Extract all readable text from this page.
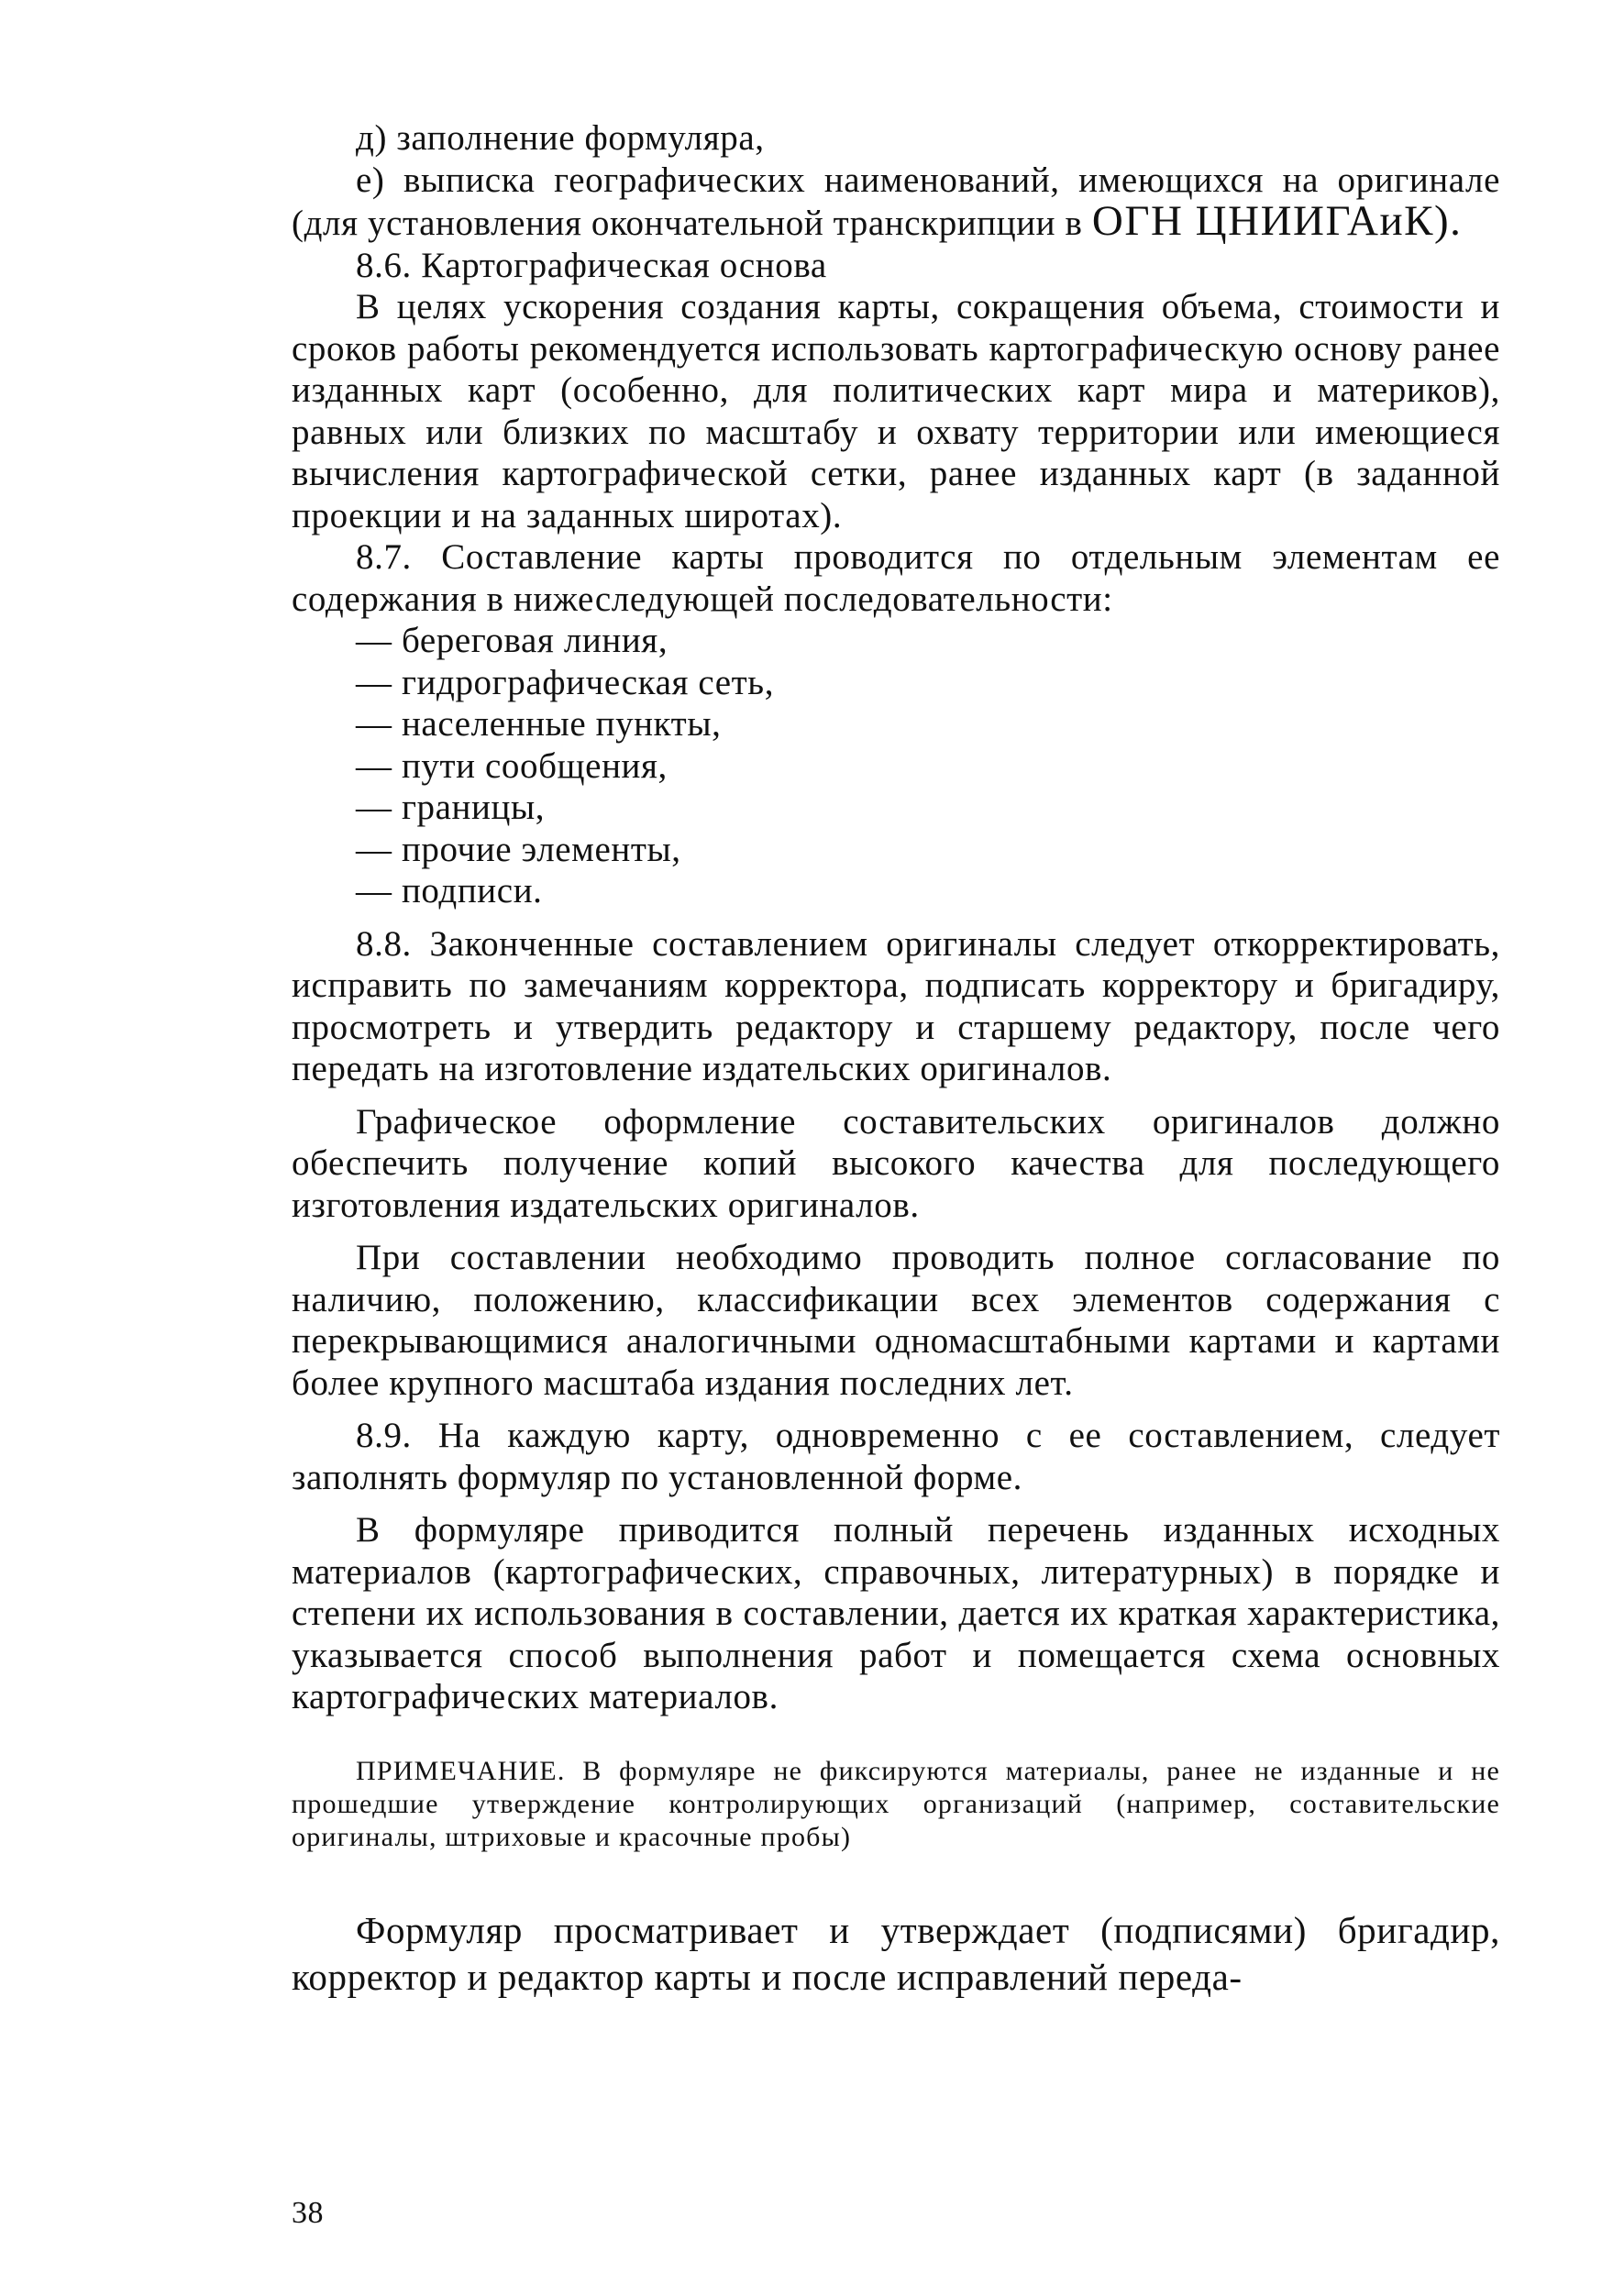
д) заполнение формуляра,

е) выписка географических наименований, имеющихся на оригинале (для установления окончательной транскрипции в ОГН ЦНИИГАиК).

8.6. Картографическая основа

В целях ускорения создания карты, сокращения объема, стоимости и сроков работы рекомендуется использовать картографическую основу ранее изданных карт (особенно, для политических карт мира и материков), равных или близких по масштабу и охвату территории или имеющиеся вычисления картографической сетки, ранее изданных карт (в заданной проекции и на заданных широтах).

8.7. Составление карты проводится по отдельным элементам ее содержания в нижеследующей последовательности:

— береговая линия,
— гидрографическая сеть,
— населенные пункты,
— пути сообщения,
— границы,
— прочие элементы,
— подписи.

8.8. Законченные составлением оригиналы следует откорректировать, исправить по замечаниям корректора, подписать корректору и бригадиру, просмотреть и утвердить редактору и старшему редактору, после чего передать на изготовление издательских оригиналов.

Графическое оформление составительских оригиналов должно обеспечить получение копий высокого качества для последующего изготовления издательских оригиналов.

При составлении необходимо проводить полное согласование по наличию, положению, классификации всех элементов содержания с перекрывающимися аналогичными одномасштабными картами и картами более крупного масштаба издания последних лет.

8.9. На каждую карту, одновременно с ее составлением, следует заполнять формуляр по установленной форме.

В формуляре приводится полный перечень изданных исходных материалов (картографических, справочных, литературных) в порядке и степени их использования в составлении, дается их краткая характеристика, указывается способ выполнения работ и помещается схема основных картографических материалов.

ПРИМЕЧАНИЕ. В формуляре не фиксируются материалы, ранее не изданные и не прошедшие утверждение контролирующих организаций (например, составительские оригиналы, штриховые и красочные пробы)

Формуляр просматривает и утверждает (подписями) бригадир, корректор и редактор карты и после исправлений переда-

38
